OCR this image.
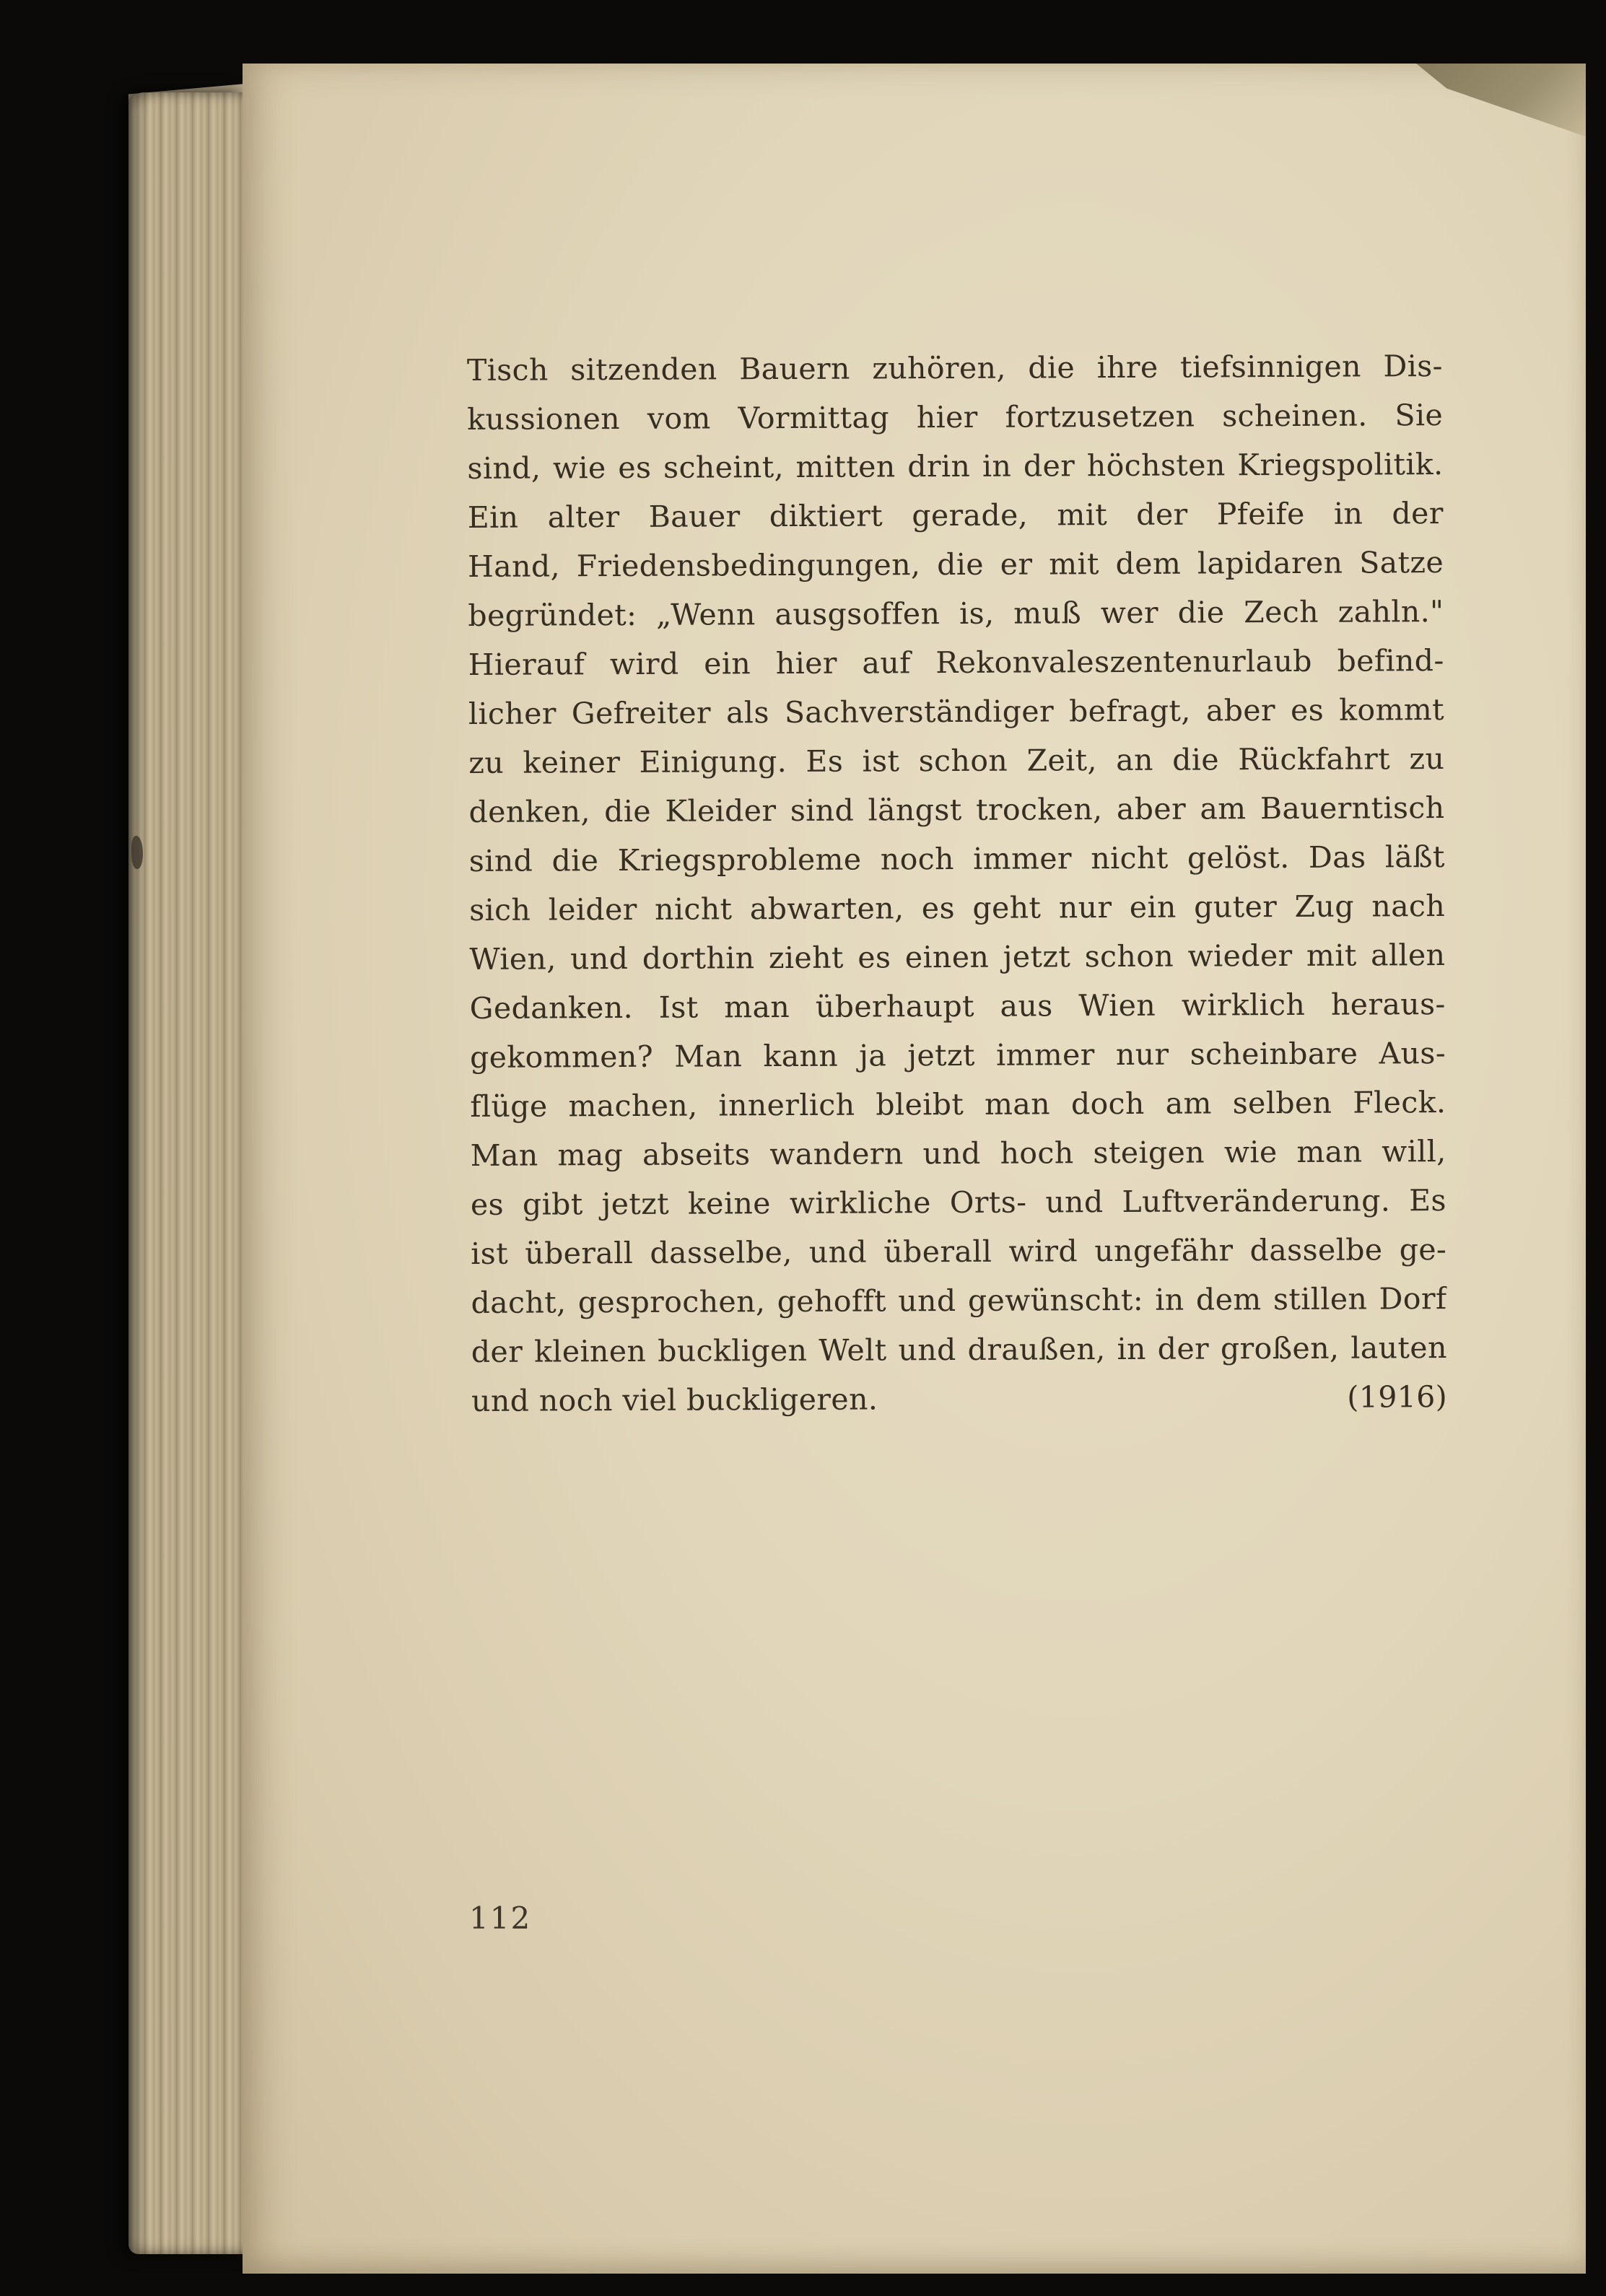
Tisch sitzenden Bauern zuhören, die ihre tiefsinnigen Dis-
kussionen vom Vormittag hier fortzusetzen scheinen. Sie
sind, wie es scheint, mitten drin in der höchsten Kriegspolitik.
Ein alter Bauer diktiert gerade, mit der Pfeife in der
Hand, Friedensbedingungen, die er mit dem lapidaren Satze
begründet: „Wenn ausgsoffen is, muß wer die Zech zahln."
Hierauf wird ein hier auf Rekonvaleszentenurlaub befind-
licher Gefreiter als Sachverständiger befragt, aber es kommt
zu keiner Einigung. Es ist schon Zeit, an die Rückfahrt zu
denken, die Kleider sind längst trocken, aber am Bauerntisch
sind die Kriegsprobleme noch immer nicht gelöst. Das läßt
sich leider nicht abwarten, es geht nur ein guter Zug nach
Wien, und dorthin zieht es einen jetzt schon wieder mit allen
Gedanken. Ist man überhaupt aus Wien wirklich heraus-
gekommen? Man kann ja jetzt immer nur scheinbare Aus-
flüge machen, innerlich bleibt man doch am selben Fleck.
Man mag abseits wandern und hoch steigen wie man will,
es gibt jetzt keine wirkliche Orts- und Luftveränderung. Es
ist überall dasselbe, und überall wird ungefähr dasselbe ge-
dacht, gesprochen, gehofft und gewünscht: in dem stillen Dorf
der kleinen buckligen Welt und draußen, in der großen, lauten
und noch viel buckligeren.	(1916)
112
